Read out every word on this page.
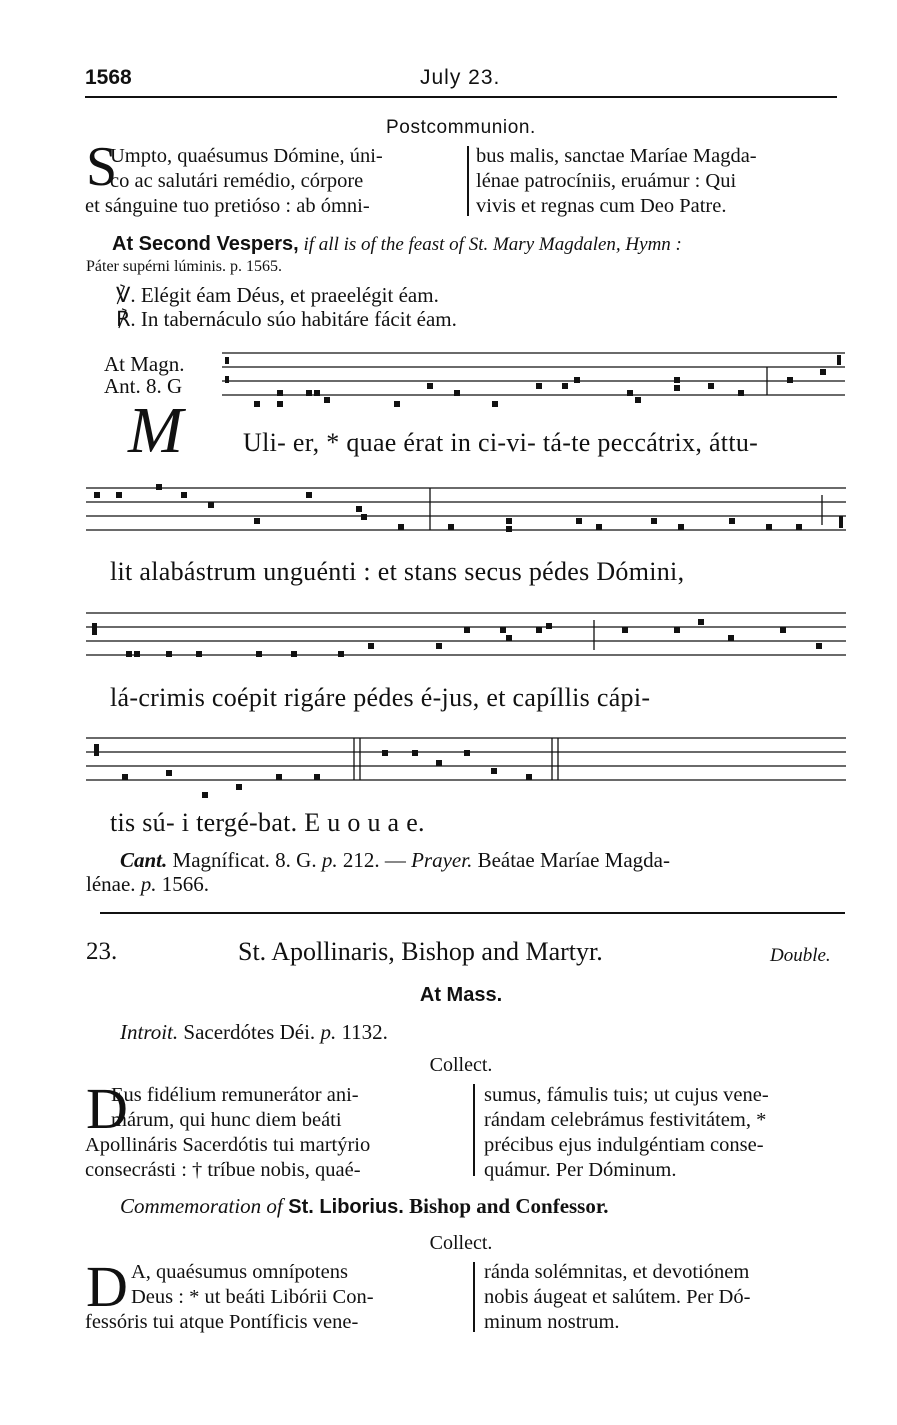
1568	July 23.
Postcommunion.
S
Umpto, quaésumus Dómine, úni-
co ac salutári remédio, córpore
et sánguine tuo pretióso : ab ómni-
bus malis, sanctae Maríae Magda-
lénae patrocíniis, eruámur : Qui
vivis et regnas cum Deo Patre.
At Second Vespers, if all is of the feast of St. Mary Magdalen, Hymn :
Páter supérni lúminis. p. 1565.
℣. Elégit éam Déus, et praeelégit éam.
℟. In tabernáculo súo habitáre fácit éam.
At Magn.
Ant. 8. G
M Uli- er, * quae érat in ci-vi- tá-te peccátrix, áttu-
lit alabástrum unguénti : et stans secus pédes Dómini,
lá-crimis coépit rigáre pédes é-jus, et capíllis cápi-
tis sú- i tergé-bat. E u o u a e.
Cant. Magníficat. 8. G. p. 212. — Prayer. Beátae Maríae Magda-
lénae. p. 1566.
23.	St. Apollinaris, Bishop and Martyr.	Double.
At Mass.
Introit. Sacerdótes Déi. p. 1132.
Collect.
D
Eus fidélium remunerátor ani-
márum, qui hunc diem beáti
Apollináris Sacerdótis tui martýrio
consecrásti : † tríbue nobis, quaé-
sumus, fámulis tuis; ut cujus vene-
rándam celebrámus festivitátem, *
précibus ejus indulgéntiam conse-
quámur. Per Dóminum.
Commemoration of St. Liborius. Bishop and Confessor.
Collect.
D A, quaésumus omnípotens
Deus : * ut beáti Libórii Con-
fessóris tui atque Pontíficis vene-
ránda solémnitas, et devotiónem
nobis áugeat et salútem. Per Dó-
minum nostrum.
